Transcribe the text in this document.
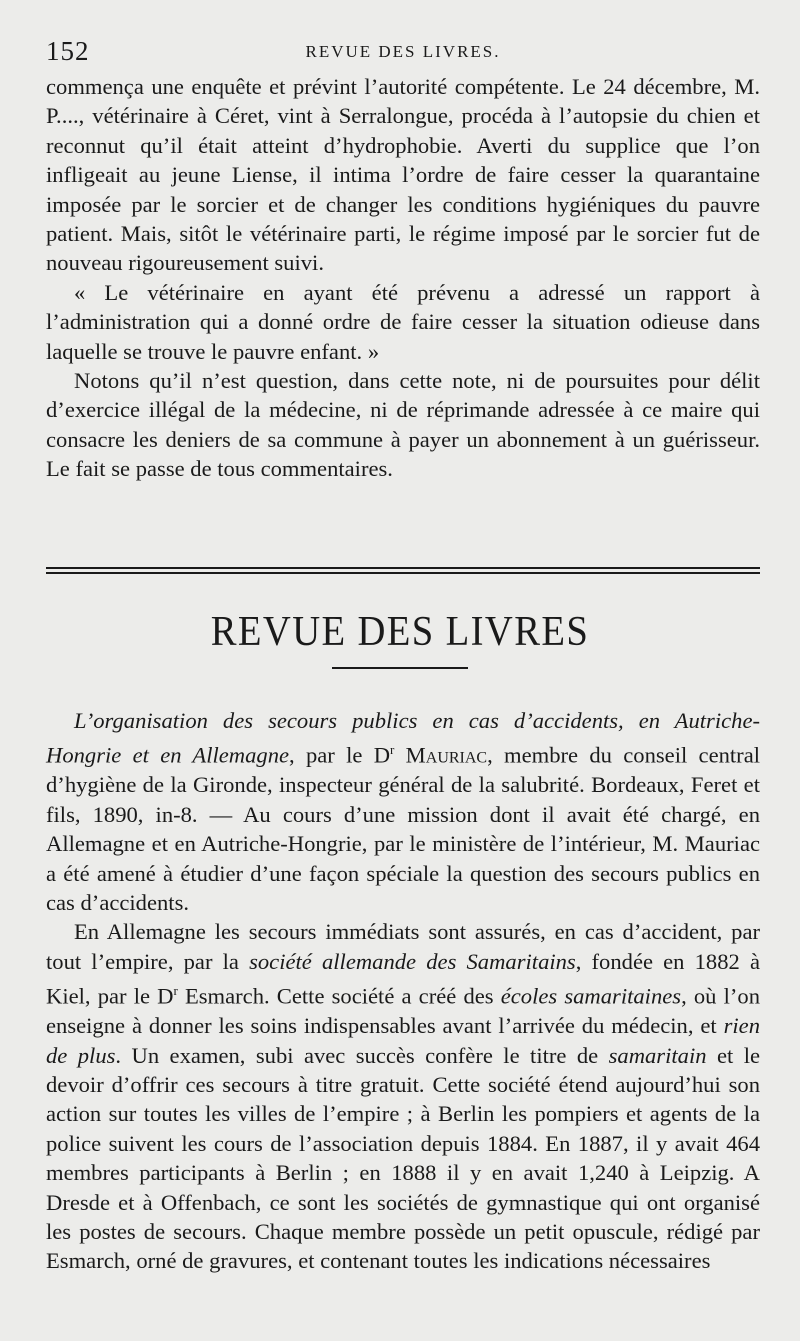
152	REVUE DES LIVRES.

commença une enquête et prévint l’autorité compétente. Le 24 décembre, M. P...., vétérinaire à Céret, vint à Serralongue, procéda à l’autopsie du chien et reconnut qu’il était atteint d’hydrophobie. Averti du supplice que l’on infligeait au jeune Liense, il intima l’ordre de faire cesser la quarantaine imposée par le sorcier et de changer les conditions hygiéniques du pauvre patient. Mais, sitôt le vétérinaire parti, le régime imposé par le sorcier fut de nouveau rigoureusement suivi.

« Le vétérinaire en ayant été prévenu a adressé un rapport à l’administration qui a donné ordre de faire cesser la situation odieuse dans laquelle se trouve le pauvre enfant. »

Notons qu’il n’est question, dans cette note, ni de poursuites pour délit d’exercice illégal de la médecine, ni de réprimande adressée à ce maire qui consacre les deniers de sa commune à payer un abonnement à un guérisseur. Le fait se passe de tous commentaires.

REVUE DES LIVRES

L’organisation des secours publics en cas d’accidents, en Autriche-Hongrie et en Allemagne, par le $D^r$ Mauriac, membre du conseil central d’hygiène de la Gironde, inspecteur général de la salubrité. Bordeaux, Feret et fils, 1890, in-8. — Au cours d’une mission dont il avait été chargé, en Allemagne et en Autriche-Hongrie, par le ministère de l’intérieur, M. Mauriac a été amené à étudier d’une façon spéciale la question des secours publics en cas d’accidents.

En Allemagne les secours immédiats sont assurés, en cas d’accident, par tout l’empire, par la société allemande des Samaritains, fondée en 1882 à Kiel, par le $D^r$ Esmarch. Cette société a créé des écoles samaritaines, où l’on enseigne à donner les soins indispensables avant l’arrivée du médecin, et rien de plus. Un examen, subi avec succès confère le titre de samaritain et le devoir d’offrir ces secours à titre gratuit. Cette société étend aujourd’hui son action sur toutes les villes de l’empire ; à Berlin les pompiers et agents de la police suivent les cours de l’association depuis 1884. En 1887, il y avait 464 membres participants à Berlin ; en 1888 il y en avait 1,240 à Leipzig. A Dresde et à Offenbach, ce sont les sociétés de gymnastique qui ont organisé les postes de secours. Chaque membre possède un petit opuscule, rédigé par Esmarch, orné de gravures, et contenant toutes les indications nécessaires
